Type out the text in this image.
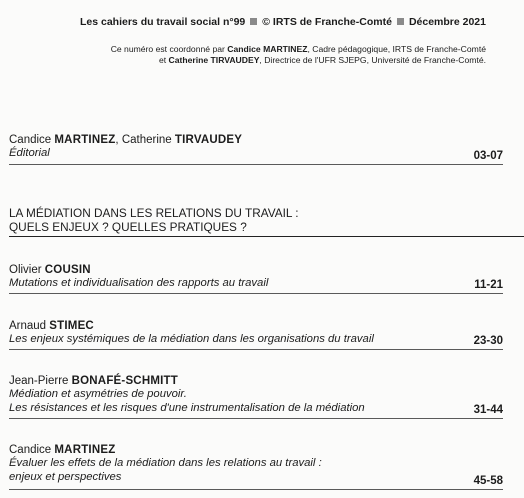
Les cahiers du travail social n°99 © IRTS de Franche-Comté Décembre 2021
Ce numéro est coordonné par Candice MARTINEZ, Cadre pédagogique, IRTS de Franche-Comté
et Catherine TIRVAUDEY, Directrice de l'UFR SJEPG, Université de Franche-Comté.
Candice MARTINEZ, Catherine TIRVAUDEY
Éditorial	03-07
LA MÉDIATION DANS LES RELATIONS DU TRAVAIL :
QUELS ENJEUX ? QUELLES PRATIQUES ?
Olivier COUSIN
Mutations et individualisation des rapports au travail	11-21
Arnaud STIMEC
Les enjeux systémiques de la médiation dans les organisations du travail	23-30
Jean-Pierre BONAFÉ-SCHMITT
Médiation et asymétries de pouvoir.
Les résistances et les risques d'une instrumentalisation de la médiation	31-44
Candice MARTINEZ
Évaluer les effets de la médiation dans les relations au travail :
enjeux et perspectives	45-58
